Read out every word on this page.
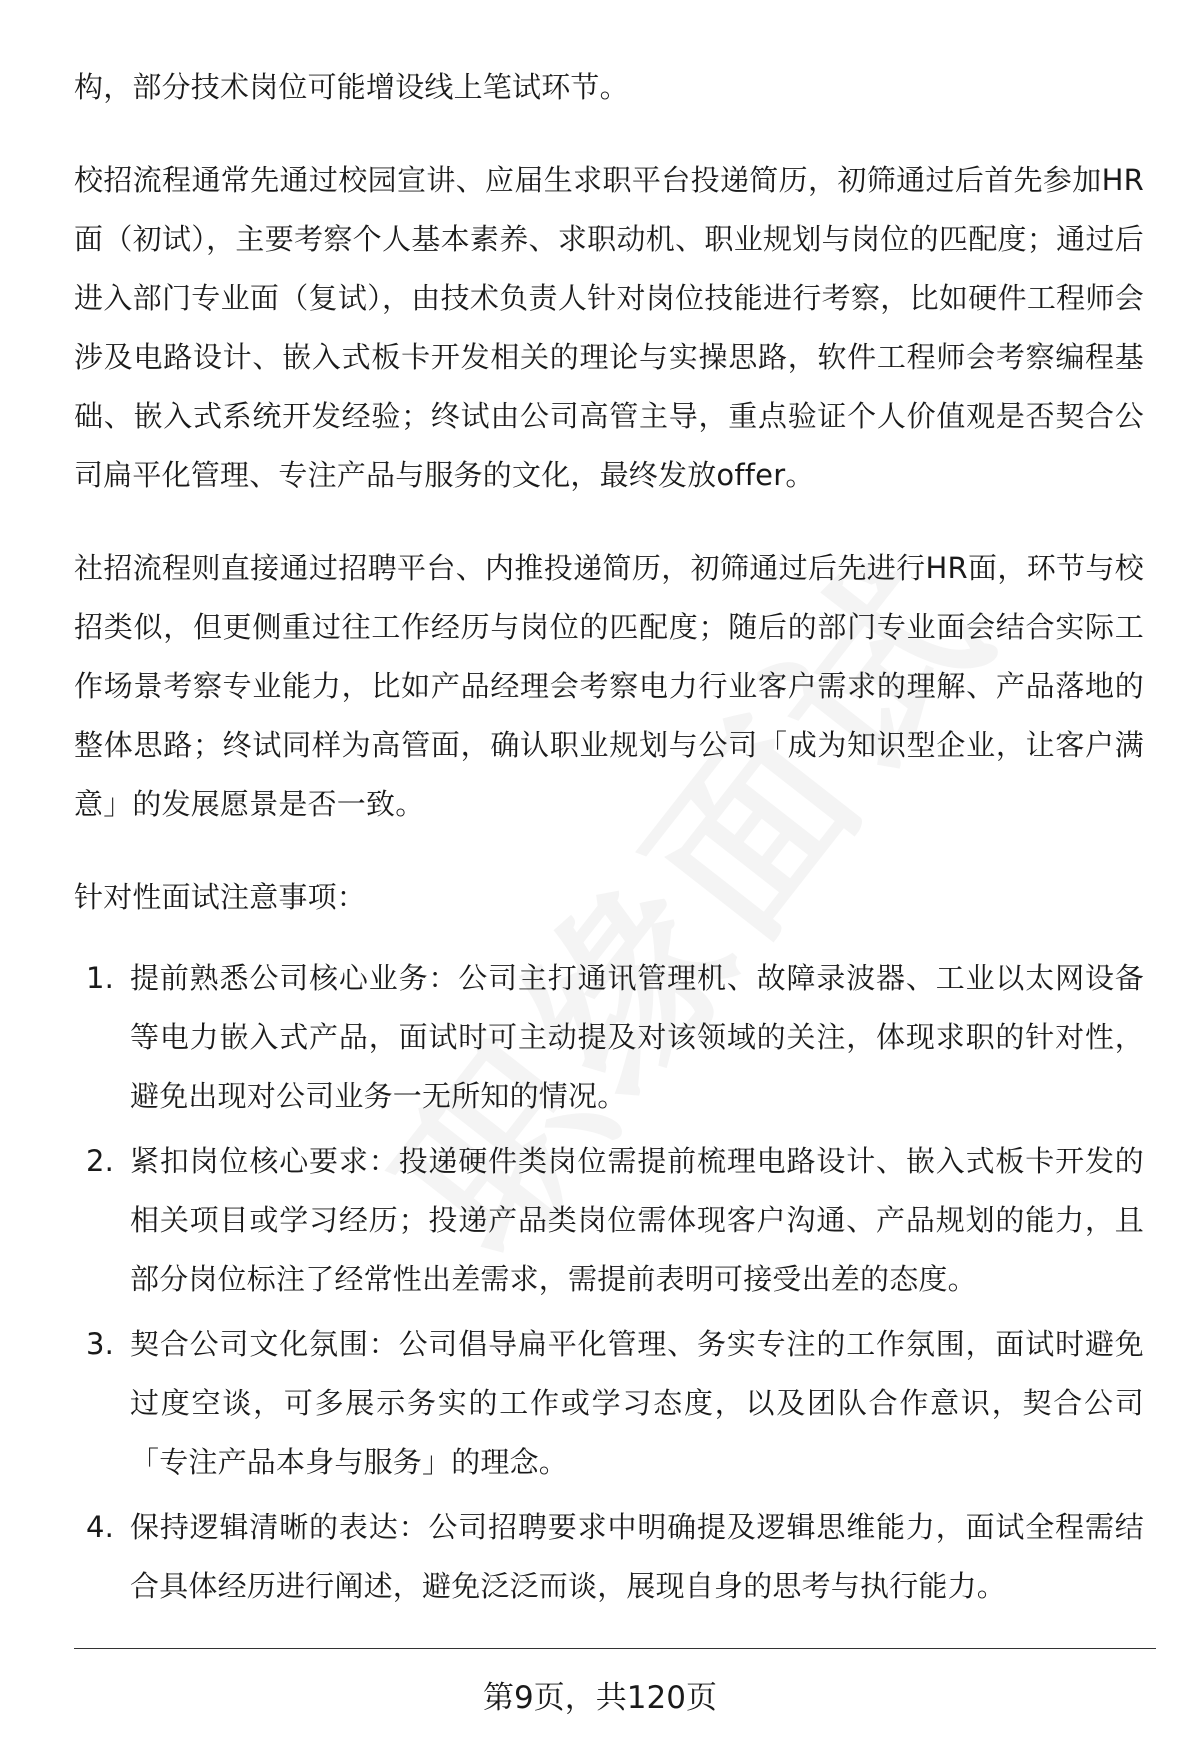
构，部分技术岗位可能增设线上笔试环节。

校招流程通常先通过校园宣讲、应届生求职平台投递简历，初筛通过后首先参加HR面（初试），主要考察个人基本素养、求职动机、职业规划与岗位的匹配度；通过后进入部门专业面（复试），由技术负责人针对岗位技能进行考察，比如硬件工程师会涉及电路设计、嵌入式板卡开发相关的理论与实操思路，软件工程师会考察编程基础、嵌入式系统开发经验；终试由公司高管主导，重点验证个人价值观是否契合公司扁平化管理、专注产品与服务的文化，最终发放offer。

社招流程则直接通过招聘平台、内推投递简历，初筛通过后先进行HR面，环节与校招类似，但更侧重过往工作经历与岗位的匹配度；随后的部门专业面会结合实际工作场景考察专业能力，比如产品经理会考察电力行业客户需求的理解、产品落地的整体思路；终试同样为高管面，确认职业规划与公司「成为知识型企业，让客户满意」的发展愿景是否一致。

针对性面试注意事项：

1. 提前熟悉公司核心业务：公司主打通讯管理机、故障录波器、工业以太网设备等电力嵌入式产品，面试时可主动提及对该领域的关注，体现求职的针对性，避免出现对公司业务一无所知的情况。
2. 紧扣岗位核心要求：投递硬件类岗位需提前梳理电路设计、嵌入式板卡开发的相关项目或学习经历；投递产品类岗位需体现客户沟通、产品规划的能力，且部分岗位标注了经常性出差需求，需提前表明可接受出差的态度。
3. 契合公司文化氛围：公司倡导扁平化管理、务实专注的工作氛围，面试时避免过度空谈，可多展示务实的工作或学习态度，以及团队合作意识，契合公司「专注产品本身与服务」的理念。
4. 保持逻辑清晰的表达：公司招聘要求中明确提及逻辑思维能力，面试全程需结合具体经历进行阐述，避免泛泛而谈，展现自身的思考与执行能力。
第9页，共120页
